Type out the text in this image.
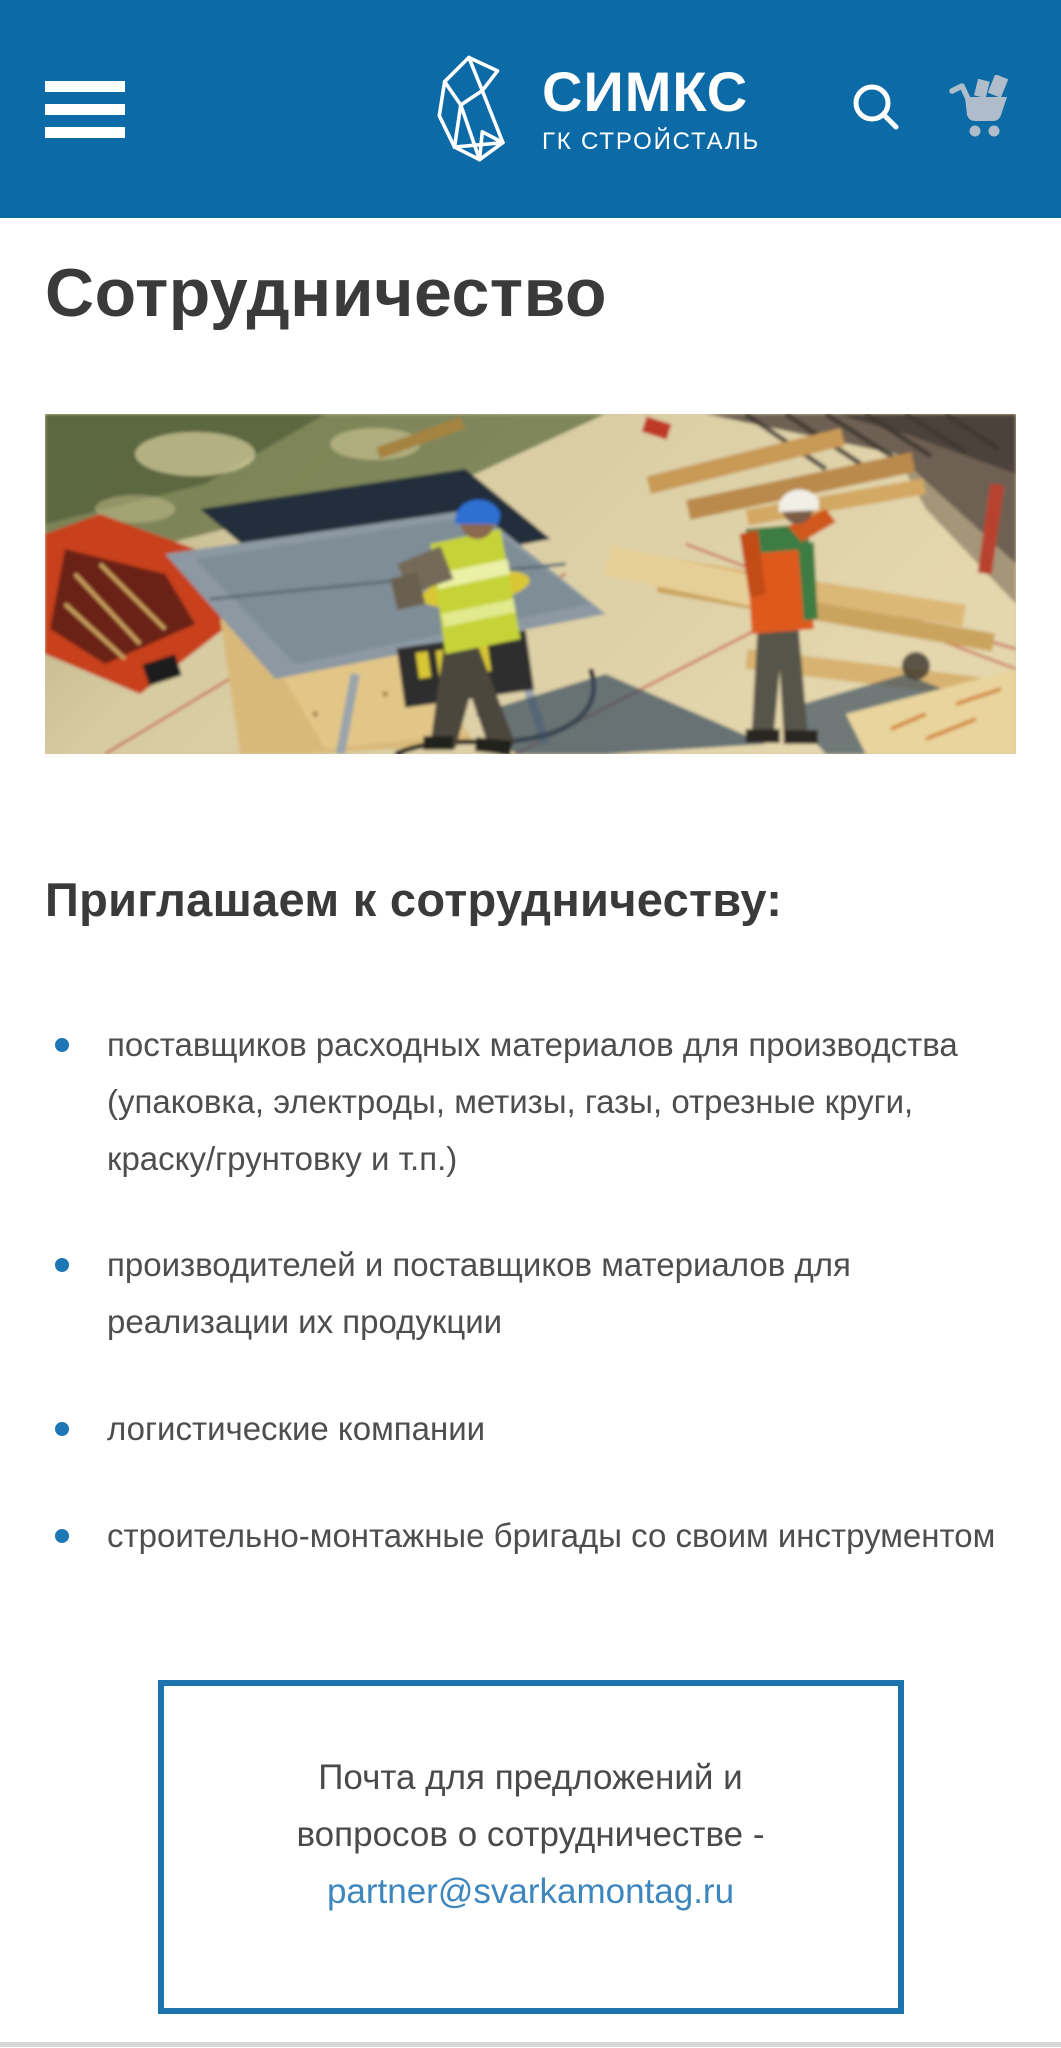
СИМКС
ГК СТРОЙСТАЛЬ
Сотрудничество
Приглашаем к сотрудничеству:
поставщиков расходных материалов для производства (упаковка, электроды, метизы, газы, отрезные круги, краску/грунтовку и т.п.)
производителей и поставщиков материалов для реализации их продукции
логистические компании
строительно-монтажные бригады со своим инструментом
Почта для предложений и
вопросов о сотрудничестве -
partner@svarkamontag.ru
